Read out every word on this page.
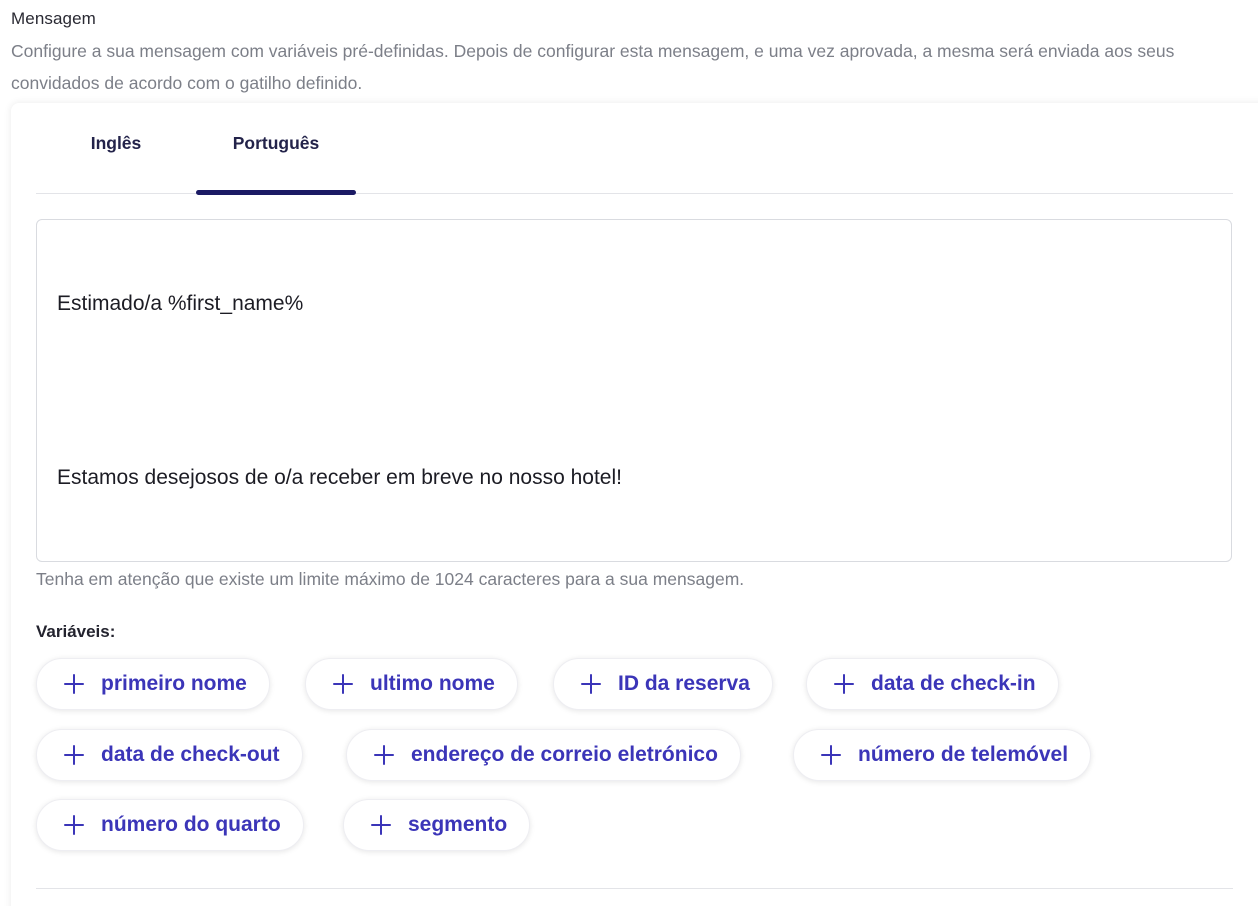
Mensagem
Configure a sua mensagem com variáveis pré-definidas. Depois de configurar esta mensagem, e uma vez aprovada, a mesma será enviada aos seus convidados de acordo com o gatilho definido.
Inglês	Português

Estimado/a %first_name%

Estamos desejosos de o/a receber em breve no nosso hotel!

Tenha em atenção que existe um limite máximo de 1024 caracteres para a sua mensagem.
Variáveis:
primeiro nome	ultimo nome	ID da reserva	data de check-in
data de check-out	endereço de correio eletrónico	número de telemóvel
número do quarto	segmento
